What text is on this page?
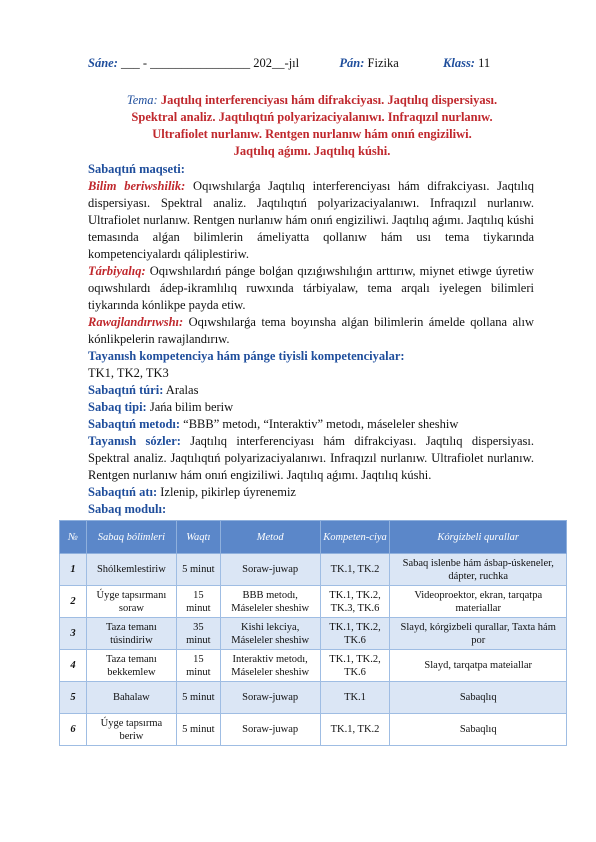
Sáne: ___ - ________________ 202__-jıl	Pán: Fizika	Klass: 11
Tema: Jaqtılıq interferenciyası hám difrakciyası. Jaqtılıq dispersiyası.
Spektral analiz. Jaqtılıqtıń polyarizaciyalanıwı. Infraqızıl nurlanıw.
Ultrafiolet nurlanıw. Rentgen nurlanıw hám onıń engiziliwi.
Jaqtılıq aǵımı. Jaqtılıq kúshi.

Sabaqtıń maqseti:

Bilim beriwshilik: Oqıwshılarǵa Jaqtılıq interferenciyası hám difrakciyası. Jaqtılıq dispersiyası. Spektral analiz. Jaqtılıqtıń polyarizaciyalanıwı. Infraqızıl nurlanıw. Ultrafiolet nurlanıw. Rentgen nurlanıw hám onıń engiziliwi. Jaqtılıq aǵımı. Jaqtılıq kúshi temasında alǵan bilimlerin ámeliyatta qollanıw hám usı tema tiykarında kompetenciyalardı qáliplestiriw.

Tárbiyalıq: Oqıwshılardıń pánge bolǵan qızıǵıwshılıǵın arttırıw, miynet etiwge úyretiw oqıwshılardı ádep-ikramlılıq ruwxında tárbiyalaw, tema arqalı iyelegen bilimleri tiykarında kónlikpe payda etiw.

Rawajlandırıwshı: Oqıwshılarǵa tema boyınsha alǵan bilimlerin ámelde qollana alıw kónlikpelerin rawajlandırıw.

Tayanısh kompetenciya hám pánge tiyisli kompetenciyalar:

TK1, TK2, TK3

Sabaqtıń túri: Aralas

Sabaq tipi: Jańa bilim beriw

Sabaqtıń metodı: “BBB” metodı, “Interaktiv” metodı, máseleler sheshiw

Tayanısh sózler: Jaqtılıq interferenciyası hám difrakciyası. Jaqtılıq dispersiyası. Spektral analiz. Jaqtılıqtıń polyarizaciyalanıwı. Infraqızıl nurlanıw. Ultrafiolet nurlanıw. Rentgen nurlanıw hám onıń engiziliwi. Jaqtılıq aǵımı. Jaqtılıq kúshi.

Sabaqtıń atı: Izlenip, pikirlep úyrenemiz

Sabaq modulı:

№	Sabaq bólimleri	Waqtı	Metod	Kompeten-ciya	Kórgizbeli qurallar
1	Shólkemlestiriw	5 minut	Soraw-juwap	TK.1, TK.2	Sabaq islenbe hám ásbap-úskeneler, dápter, ruchka
2	Úyge tapsırmanı soraw	15 minut	BBB metodı, Máseleler sheshiw	TK.1, TK.2, TK.3, TK.6	Videoproektor, ekran, tarqatpa materiallar
3	Taza temanı túsindiriw	35 minut	Kishi lekciya, Máseleler sheshiw	TK.1, TK.2, TK.6	Slayd, kórgizbeli qurallar, Taxta hám por
4	Taza temanı bekkemlew	15 minut	Interaktiv metodı, Máseleler sheshiw	TK.1, TK.2, TK.6	Slayd, tarqatpa mateiallar
5	Bahalaw	5 minut	Soraw-juwap	TK.1	Sabaqlıq
6	Úyge tapsırma beriw	5 minut	Soraw-juwap	TK.1, TK.2	Sabaqlıq
